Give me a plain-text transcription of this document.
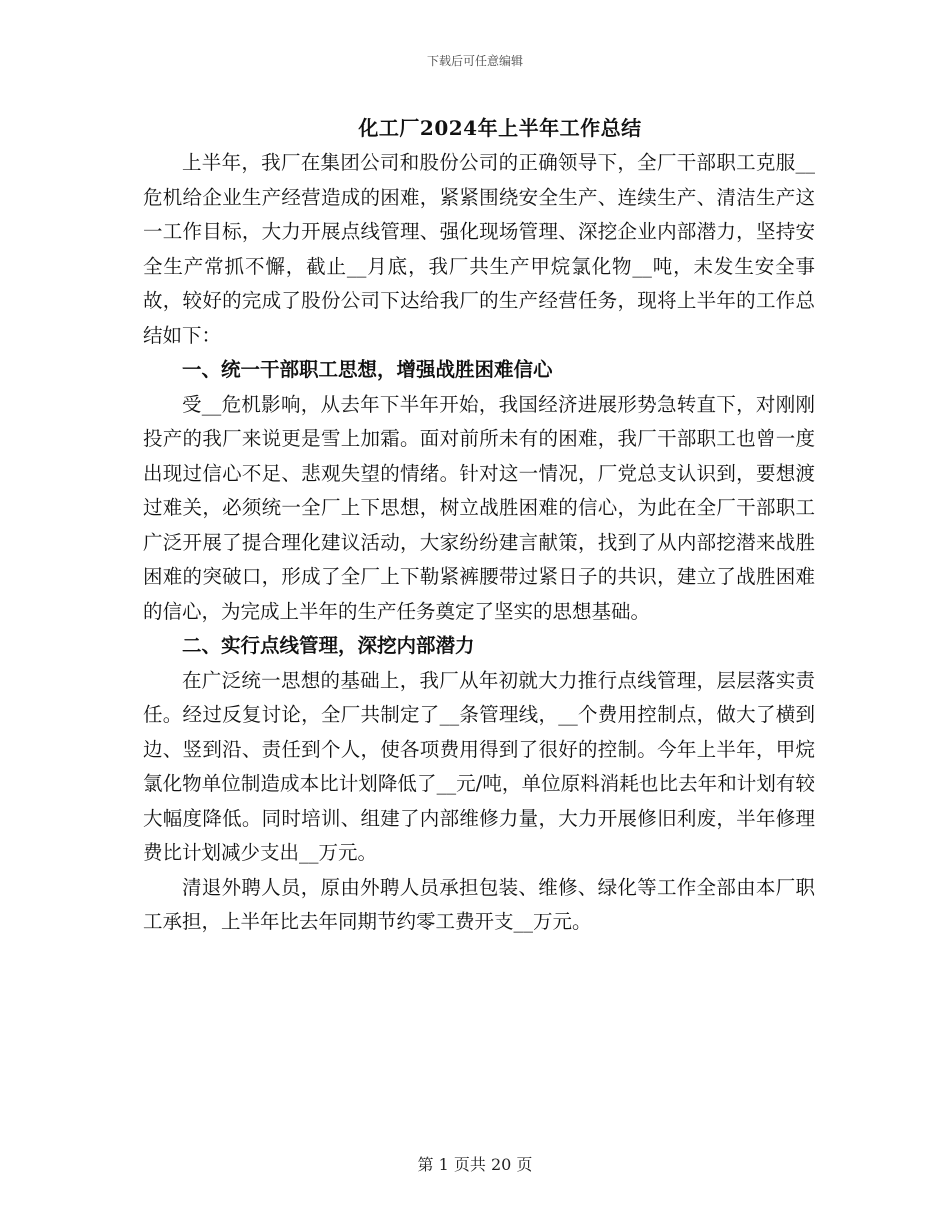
下载后可任意编辑
化工厂2024年上半年工作总结

上半年，我厂在集团公司和股份公司的正确领导下，全厂干部职工克服__危机给企业生产经营造成的困难，紧紧围绕安全生产、连续生产、清洁生产这一工作目标，大力开展点线管理、强化现场管理、深挖企业内部潜力，坚持安全生产常抓不懈，截止__月底，我厂共生产甲烷氯化物__吨，未发生安全事故，较好的完成了股份公司下达给我厂的生产经营任务，现将上半年的工作总结如下：

一、统一干部职工思想，增强战胜困难信心

受__危机影响，从去年下半年开始，我国经济进展形势急转直下，对刚刚投产的我厂来说更是雪上加霜。面对前所未有的困难，我厂干部职工也曾一度出现过信心不足、悲观失望的情绪。针对这一情况，厂党总支认识到，要想渡过难关，必须统一全厂上下思想，树立战胜困难的信心，为此在全厂干部职工广泛开展了提合理化建议活动，大家纷纷建言献策，找到了从内部挖潜来战胜困难的突破口，形成了全厂上下勒紧裤腰带过紧日子的共识，建立了战胜困难的信心，为完成上半年的生产任务奠定了坚实的思想基础。

二、实行点线管理，深挖内部潜力

在广泛统一思想的基础上，我厂从年初就大力推行点线管理，层层落实责任。经过反复讨论，全厂共制定了__条管理线，__个费用控制点，做大了横到边、竖到沿、责任到个人，使各项费用得到了很好的控制。今年上半年，甲烷氯化物单位制造成本比计划降低了__元/吨，单位原料消耗也比去年和计划有较大幅度降低。同时培训、组建了内部维修力量，大力开展修旧利废，半年修理费比计划减少支出__万元。

清退外聘人员，原由外聘人员承担包装、维修、绿化等工作全部由本厂职工承担，上半年比去年同期节约零工费开支__万元。

第 1 页共 20 页
